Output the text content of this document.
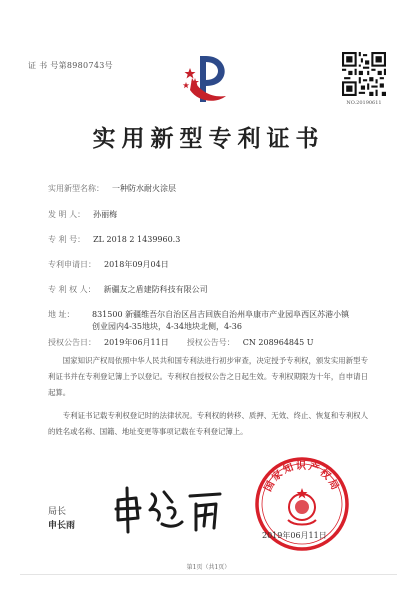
证 书 号第8980743号
NO.20190611
实用新型专利证书
实用新型名称： 一种防水耐火涂层
发 明 人： 孙丽梅
专 利 号： ZL 2018 2 1439960.3
专利申请日： 2018年09月04日
专 利 权 人： 新疆友之盾建防科技有限公司
地 址： 831500 新疆维吾尔自治区昌吉回族自治州阜康市产业园阜西区苏港小镇创业园内4-35地块，4-34地块北侧，4-36
授权公告日： 2019年06月11日 授权公告号： CN 208964845 U
国家知识产权局依照中华人民共和国专利法进行初步审查，决定授予专利权，颁发实用新型专利证书并在专利登记簿上予以登记。专利权自授权公告之日起生效。专利权期限为十年，自申请日起算。
专利证书记载专利权登记时的法律状况。专利权的转移、质押、无效、终止、恢复和专利权人的姓名或名称、国籍、地址变更等事项记载在专利登记簿上。
局长
申长雨
国家知识产权局
2019年06月11日
第1页（共1页）
